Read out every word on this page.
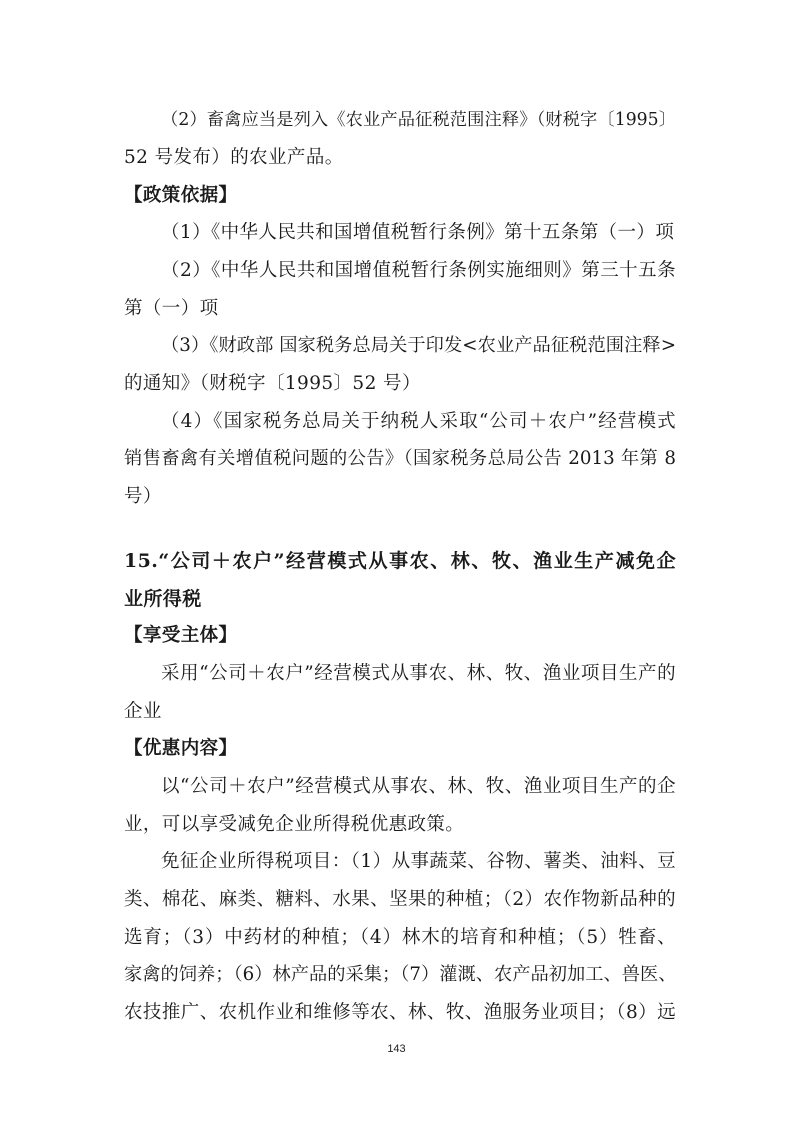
（2）畜禽应当是列入《农业产品征税范围注释》（财税字〔1995〕
52 号发布）的农业产品。
【政策依据】
（1）《中华人民共和国增值税暂行条例》第十五条第（一）项
（2）《中华人民共和国增值税暂行条例实施细则》第三十五条
第（一）项
（3）《财政部 国家税务总局关于印发<农业产品征税范围注释>
的通知》（财税字〔1995〕52 号）
（4）《国家税务总局关于纳税人采取“公司＋农户”经营模式
销售畜禽有关增值税问题的公告》（国家税务总局公告 2013 年第 8
号）
15.“公司＋农户”经营模式从事农、林、牧、渔业生产减免企
业所得税
【享受主体】
采用“公司＋农户”经营模式从事农、林、牧、渔业项目生产的
企业
【优惠内容】
以“公司＋农户”经营模式从事农、林、牧、渔业项目生产的企
业，可以享受减免企业所得税优惠政策。
免征企业所得税项目：（1）从事蔬菜、谷物、薯类、油料、豆
类、棉花、麻类、糖料、水果、坚果的种植；（2）农作物新品种的
选育；（3）中药材的种植；（4）林木的培育和种植；（5）牲畜、
家禽的饲养；（6）林产品的采集；（7）灌溉、农产品初加工、兽医、
农技推广、农机作业和维修等农、林、牧、渔服务业项目；（8）远
143
